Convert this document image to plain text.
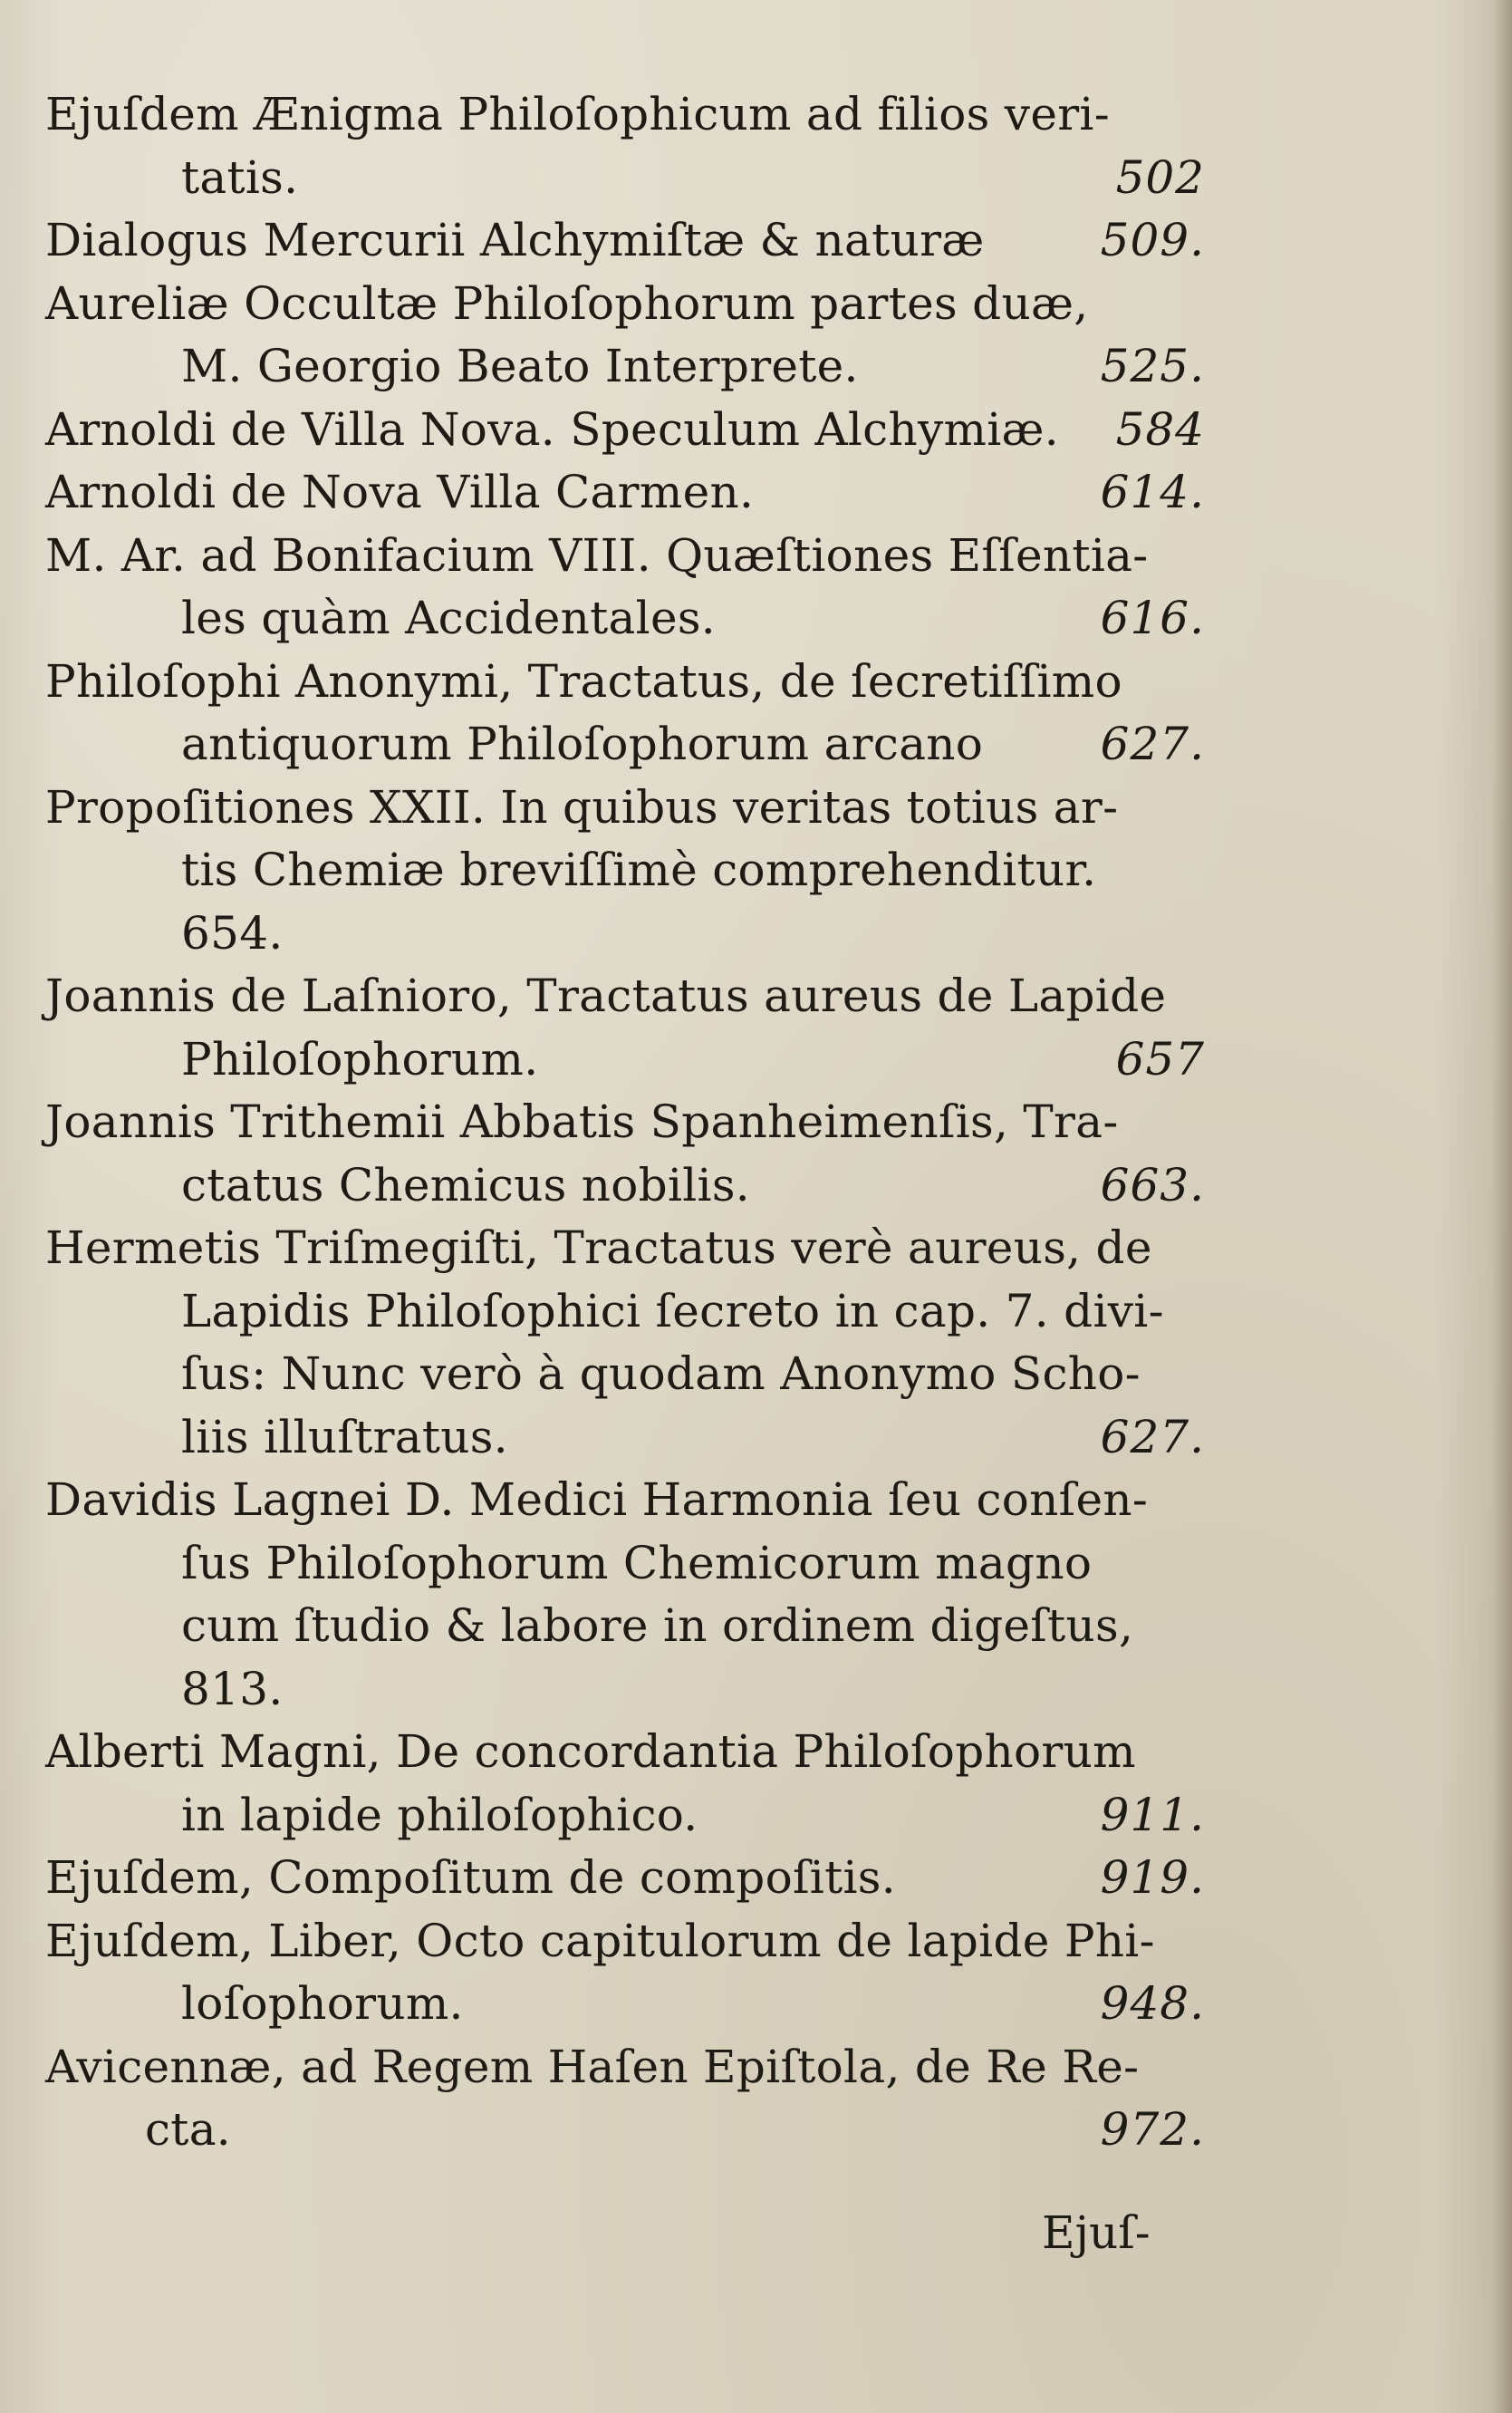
Ejuſdem Ænigma Philoſophicum ad filios veri-
tatis.	502
Dialogus Mercurii Alchymiſtæ & naturæ	509.
Aureliæ Occultæ Philoſophorum partes duæ,
M. Georgio Beato Interprete.	525.
Arnoldi de Villa Nova. Speculum Alchymiæ. 584
Arnoldi de Nova Villa Carmen.	614.
M. Ar. ad Bonifacium VIII. Quæſtiones Eſſentia-
les quàm Accidentales.	616.
Philoſophi Anonymi, Tractatus, de ſecretiſſimo
antiquorum Philoſophorum arcano	627.
Propoſitiones XXII. In quibus veritas totius ar-
tis Chemiæ breviſſimè comprehenditur.
654.
Joannis de Laſnioro, Tractatus aureus de Lapide
Philoſophorum.	657
Joannis Trithemii Abbatis Spanheimenſis, Tra-
ctatus Chemicus nobilis.	663.
Hermetis Triſmegiſti, Tractatus verè aureus, de
Lapidis Philoſophici ſecreto in cap. 7. divi-
ſus: Nunc verò à quodam Anonymo Scho-
liis illuſtratus.	627.
Davidis Lagnei D. Medici Harmonia ſeu conſen-
ſus Philoſophorum Chemicorum magno
cum ſtudio & labore in ordinem digeſtus,
813.
Alberti Magni, De concordantia Philoſophorum
in lapide philoſophico.	911.
Ejuſdem, Compoſitum de compoſitis.	919.
Ejuſdem, Liber, Octo capitulorum de lapide Phi-
loſophorum.	948.
Avicennæ, ad Regem Haſen Epiſtola, de Re Re-
cta.	972.
Ejuſ-
